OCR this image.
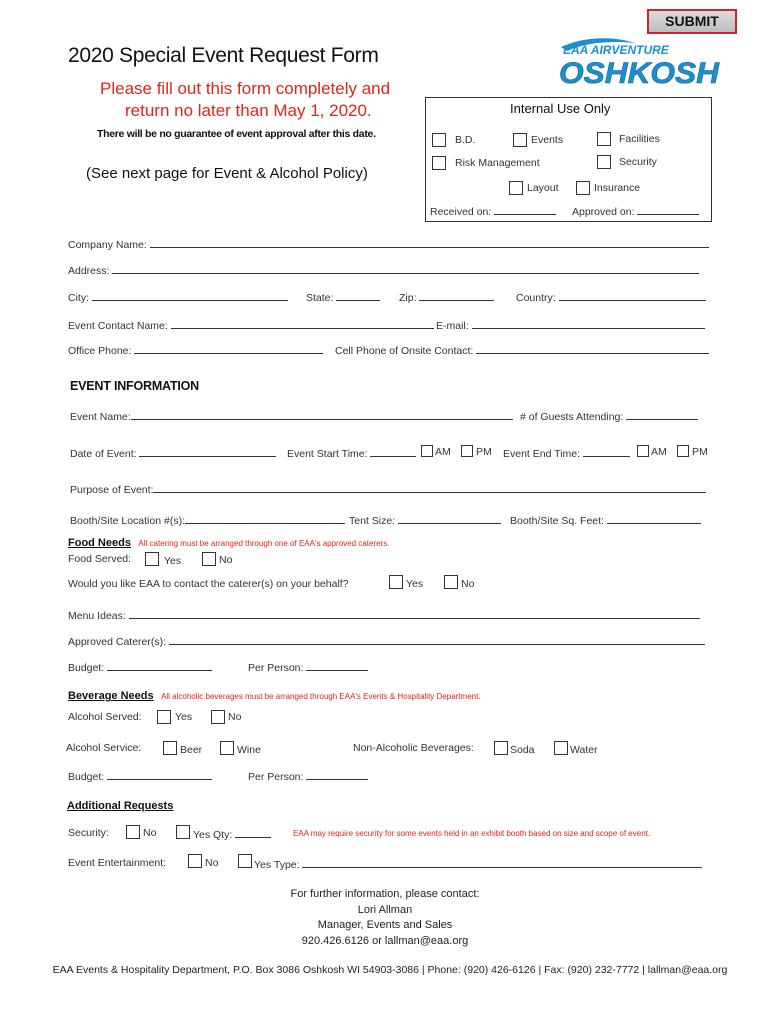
SUBMIT
2020 Special Event Request Form
Please fill out this form completely and
return no later than May 1, 2020.
There will be no guarantee of event approval after this date.
(See next page for Event & Alcohol Policy)
EAA AIRVENTURE
OSHKOSH
Internal Use Only
B.D.	Events	Facilities
Risk Management	Security
Layout	Insurance
Received on:	Approved on:
Company Name:
Address:
City:	State:	Zip:	Country:
Event Contact Name:	E-mail:
Office Phone:	Cell Phone of Onsite Contact:
EVENT INFORMATION
Event Name:	# of Guests Attending:
Date of Event:	Event Start Time:	AM PM Event End Time:	AM PM
Purpose of Event:
Booth/Site Location #(s):	Tent Size:	Booth/Site Sq. Feet:
Food Needs All catering must be arranged through one of EAA's approved caterers.
Food Served:	Yes	No
Would you like EAA to contact the caterer(s) on your behalf?	Yes	No
Menu Ideas:
Approved Caterer(s):
Budget:	Per Person:
Beverage Needs All alcoholic beverages must be arranged through EAA's Events & Hospitality Department.
Alcohol Served:	Yes	No
Alcohol Service:	Beer	Wine	Non-Alcoholic Beverages:	Soda	Water
Budget:	Per Person:
Additional Requests
Security:	No	Yes Qty:	EAA may require security for some events held in an exhibit booth based on size and scope of event.
Event Entertainment:	No	Yes Type:
For further information, please contact:
Lori Allman
Manager, Events and Sales
920.426.6126 or lallman@eaa.org
EAA Events & Hospitality Department, P.O. Box 3086 Oshkosh WI 54903-3086 | Phone: (920) 426-6126 | Fax: (920) 232-7772 | lallman@eaa.org
